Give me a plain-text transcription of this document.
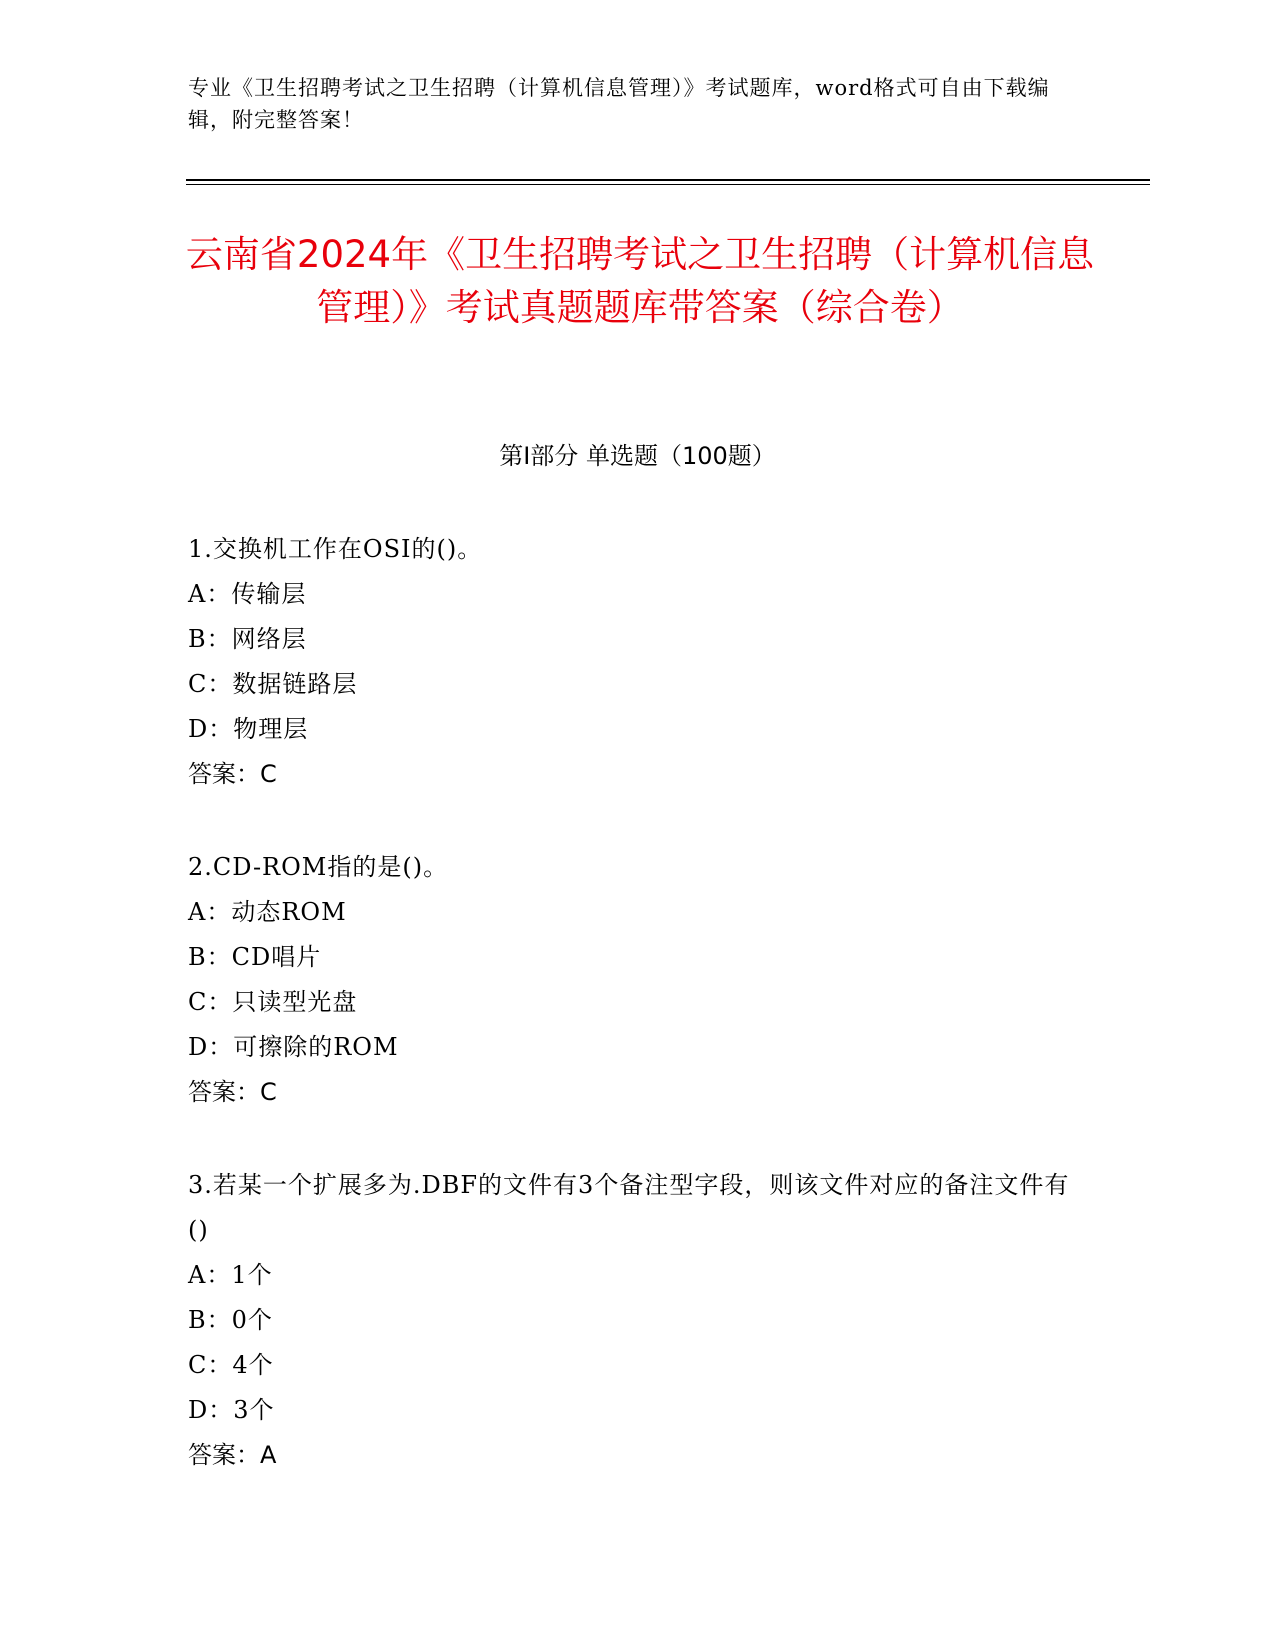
专业《卫生招聘考试之卫生招聘（计算机信息管理）》考试题库，word格式可自由下载编辑，附完整答案！
云南省2024年《卫生招聘考试之卫生招聘（计算机信息管理）》考试真题题库带答案（综合卷）
第Ⅰ部分 单选题（100题）
1.交换机工作在OSI的()。
A：传输层
B：网络层
C：数据链路层
D：物理层
答案：C
2.CD-ROM指的是()。
A：动态ROM
B：CD唱片
C：只读型光盘
D：可擦除的ROM
答案：C
3.若某一个扩展多为.DBF的文件有3个备注型字段，则该文件对应的备注文件有()
A：1个
B：0个
C：4个
D：3个
答案：A
